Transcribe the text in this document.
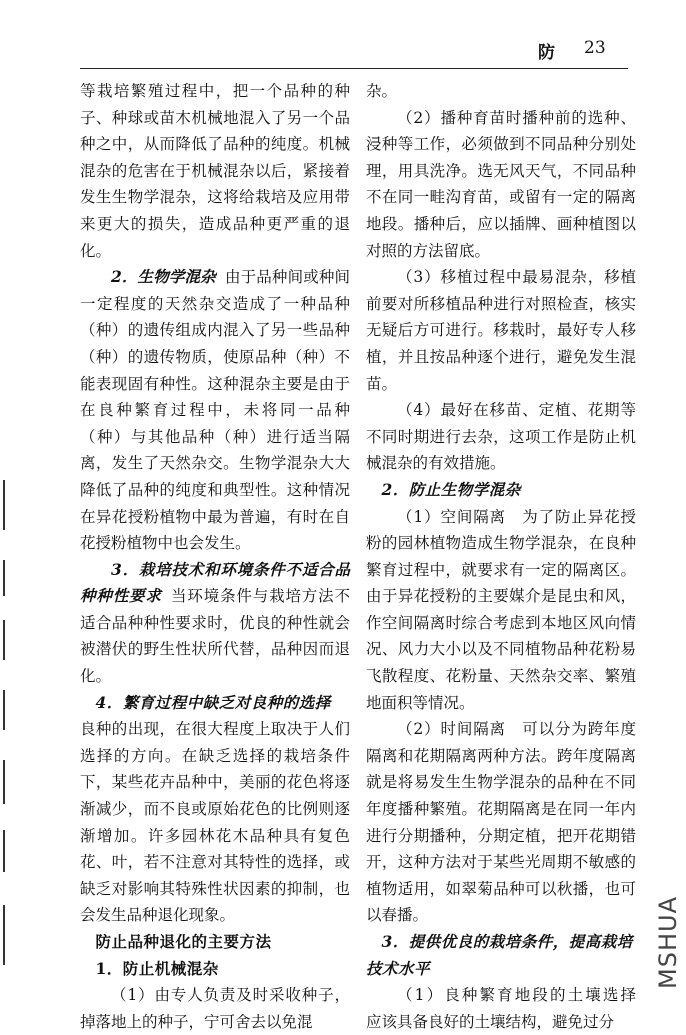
防 23

等栽培繁殖过程中，把一个品种的种子、种球或苗木机械地混入了另一个品种之中，从而降低了品种的纯度。机械混杂的危害在于机械混杂以后，紧接着发生生物学混杂，这将给栽培及应用带来更大的损失，造成品种更严重的退化。

2．生物学混杂 由于品种间或种间一定程度的天然杂交造成了一种品种（种）的遗传组成内混入了另一些品种（种）的遗传物质，使原品种（种）不能表现固有种性。这种混杂主要是由于在良种繁育过程中，未将同一品种（种）与其他品种（种）进行适当隔离，发生了天然杂交。生物学混杂大大降低了品种的纯度和典型性。这种情况在异花授粉植物中最为普遍，有时在自花授粉植物中也会发生。

3．栽培技术和环境条件不适合品种种性要求 当环境条件与栽培方法不适合品种种性要求时，优良的种性就会被潜伏的野生性状所代替，品种因而退化。

4．繁育过程中缺乏对良种的选择

良种的出现，在很大程度上取决于人们选择的方向。在缺乏选择的栽培条件下，某些花卉品种中，美丽的花色将逐渐减少，而不良或原始花色的比例则逐渐增加。许多园林花木品种具有复色花、叶，若不注意对其特性的选择，或缺乏对影响其特殊性状因素的抑制，也会发生品种退化现象。

防止品种退化的主要方法

1．防止机械混杂

（1）由专人负责及时采收种子，掉落地上的种子，宁可舍去以免混

杂。

（2）播种育苗时播种前的选种、浸种等工作，必须做到不同品种分别处理，用具洗净。选无风天气，不同品种不在同一畦沟育苗，或留有一定的隔离地段。播种后，应以插牌、画种植图以对照的方法留底。

（3）移植过程中最易混杂，移植前要对所移植品种进行对照检查，核实无疑后方可进行。移栽时，最好专人移植，并且按品种逐个进行，避免发生混苗。

（4）最好在移苗、定植、花期等不同时期进行去杂，这项工作是防止机械混杂的有效措施。

2．防止生物学混杂

（1）空间隔离　为了防止异花授粉的园林植物造成生物学混杂，在良种繁育过程中，就要求有一定的隔离区。由于异花授粉的主要媒介是昆虫和风，作空间隔离时综合考虑到本地区风向情况、风力大小以及不同植物品种花粉易飞散程度、花粉量、天然杂交率、繁殖地面积等情况。

（2）时间隔离　可以分为跨年度隔离和花期隔离两种方法。跨年度隔离就是将易发生生物学混杂的品种在不同年度播种繁殖。花期隔离是在同一年内进行分期播种，分期定植，把开花期错开，这种方法对于某些光周期不敏感的植物适用，如翠菊品种可以秋播，也可以春播。

3．提供优良的栽培条件，提高栽培技术水平

（1）良种繁育地段的土壤选择　应该具备良好的土壤结构，避免过分

MSHUA
